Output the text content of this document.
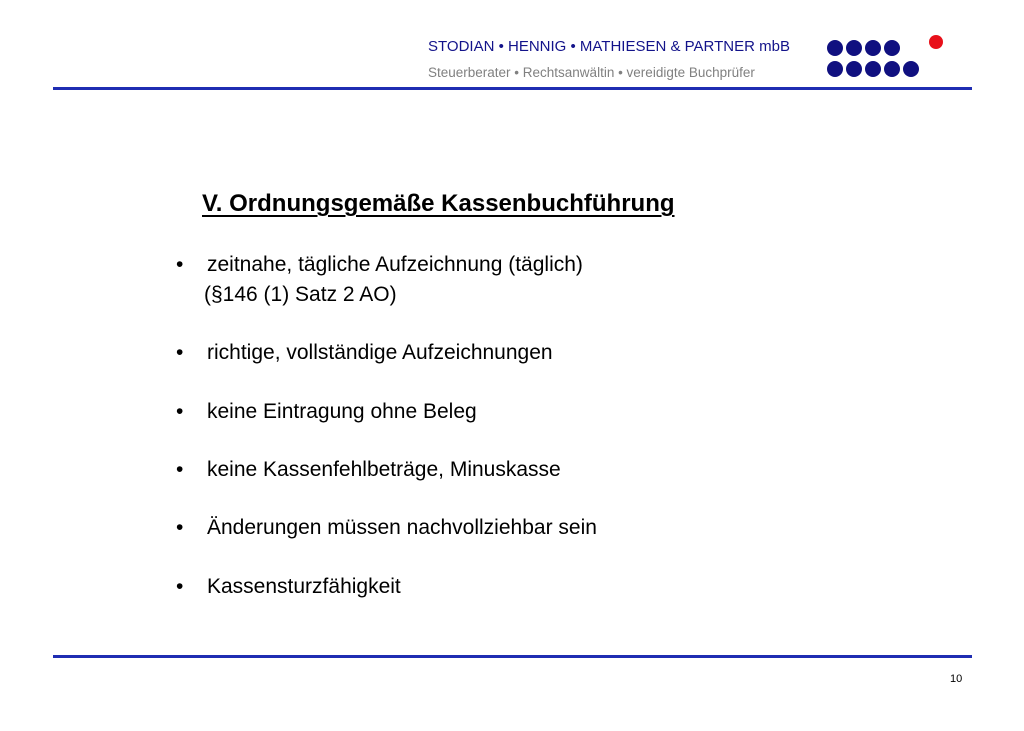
STODIAN • HENNIG • MATHIESEN & PARTNER mbB
Steuerberater • Rechtsanwältin • vereidigte Buchprüfer
V. Ordnungsgemäße Kassenbuchführung
• zeitnahe, tägliche Aufzeichnung (täglich)
(§146 (1) Satz 2 AO)
• richtige, vollständige Aufzeichnungen
• keine Eintragung ohne Beleg
• keine Kassenfehlbeträge, Minuskasse
• Änderungen müssen nachvollziehbar sein
• Kassensturzfähigkeit
10
